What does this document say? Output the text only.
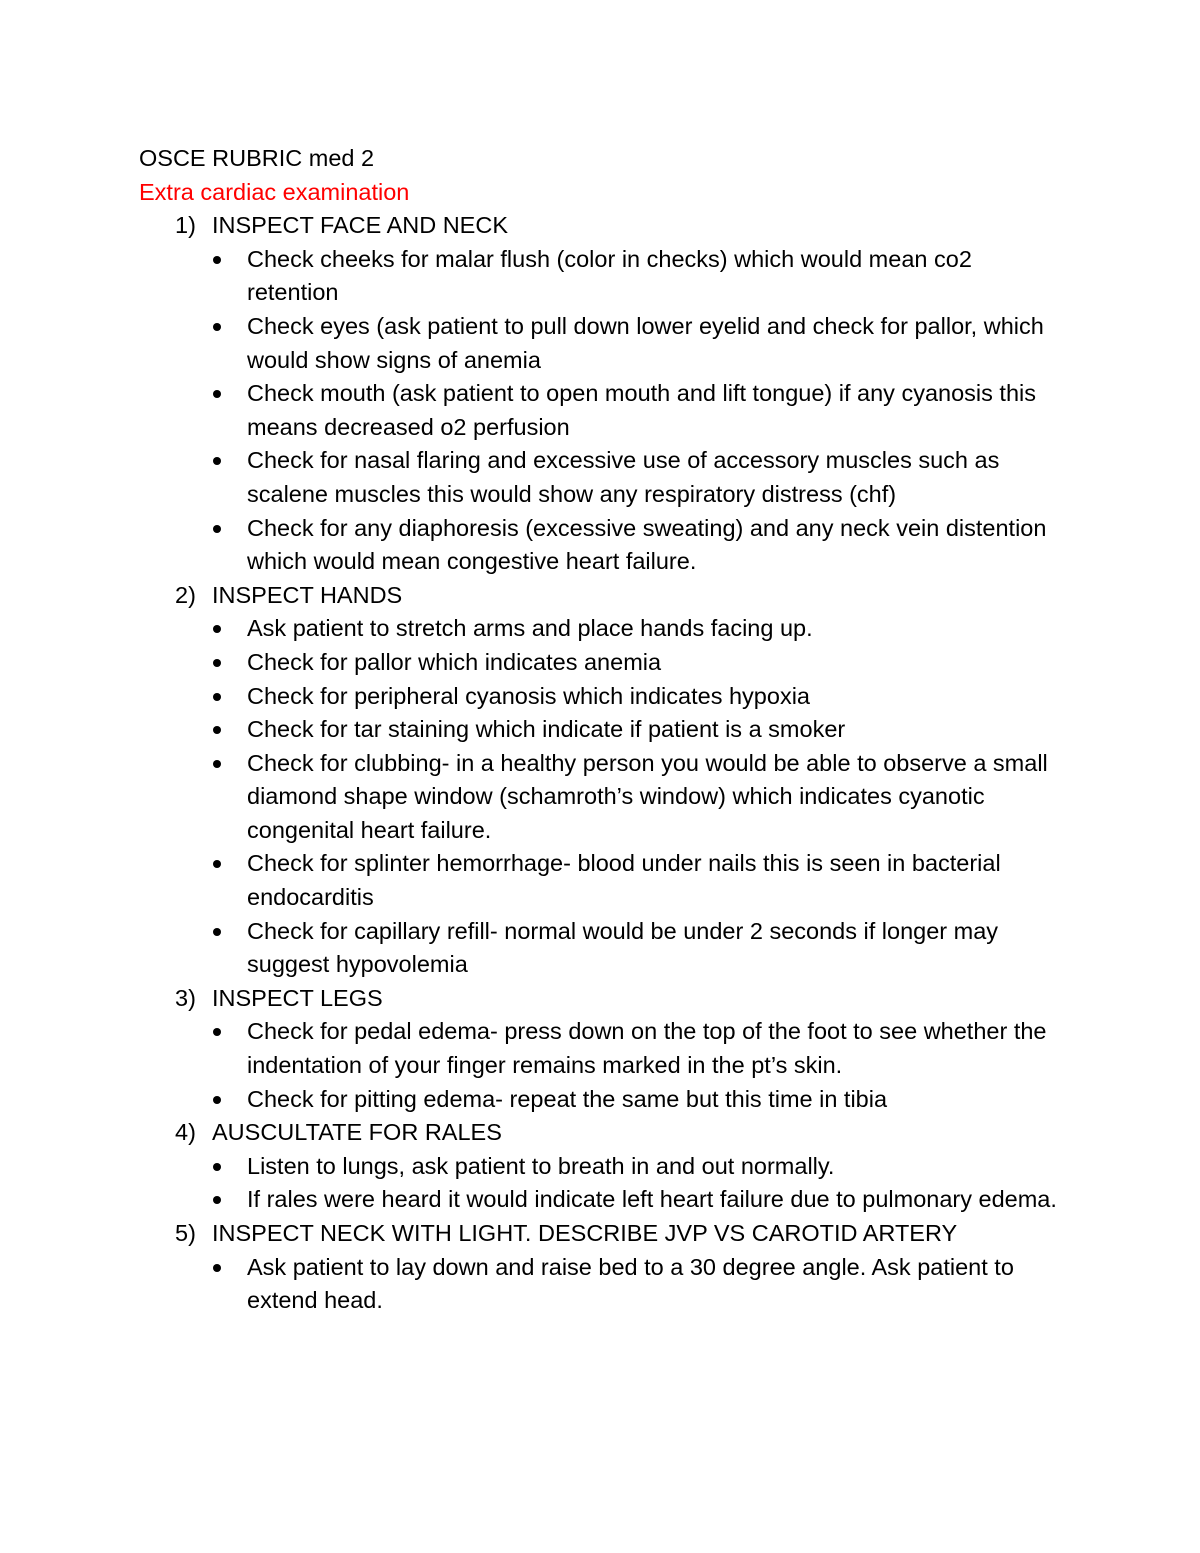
OSCE RUBRIC med 2

Extra cardiac examination

1) INSPECT FACE AND NECK
Check cheeks for malar flush (color in checks) which would mean co2 retention
Check eyes (ask patient to pull down lower eyelid and check for pallor, which would show signs of anemia
Check mouth (ask patient to open mouth and lift tongue) if any cyanosis this means decreased o2 perfusion
Check for nasal flaring and excessive use of accessory muscles such as scalene muscles this would show any respiratory distress (chf)
Check for any diaphoresis (excessive sweating) and any neck vein distention which would mean congestive heart failure.
2) INSPECT HANDS
Ask patient to stretch arms and place hands facing up.
Check for pallor which indicates anemia
Check for peripheral cyanosis which indicates hypoxia
Check for tar staining which indicate if patient is a smoker
Check for clubbing- in a healthy person you would be able to observe a small diamond shape window (schamroth’s window) which indicates cyanotic congenital heart failure.
Check for splinter hemorrhage- blood under nails this is seen in bacterial endocarditis
Check for capillary refill- normal would be under 2 seconds if longer may suggest hypovolemia
3) INSPECT LEGS
Check for pedal edema- press down on the top of the foot to see whether the indentation of your finger remains marked in the pt’s skin.
Check for pitting edema- repeat the same but this time in tibia
4) AUSCULTATE FOR RALES
Listen to lungs, ask patient to breath in and out normally.
If rales were heard it would indicate left heart failure due to pulmonary edema.
5) INSPECT NECK WITH LIGHT. DESCRIBE JVP VS CAROTID ARTERY
Ask patient to lay down and raise bed to a 30 degree angle. Ask patient to extend head.
